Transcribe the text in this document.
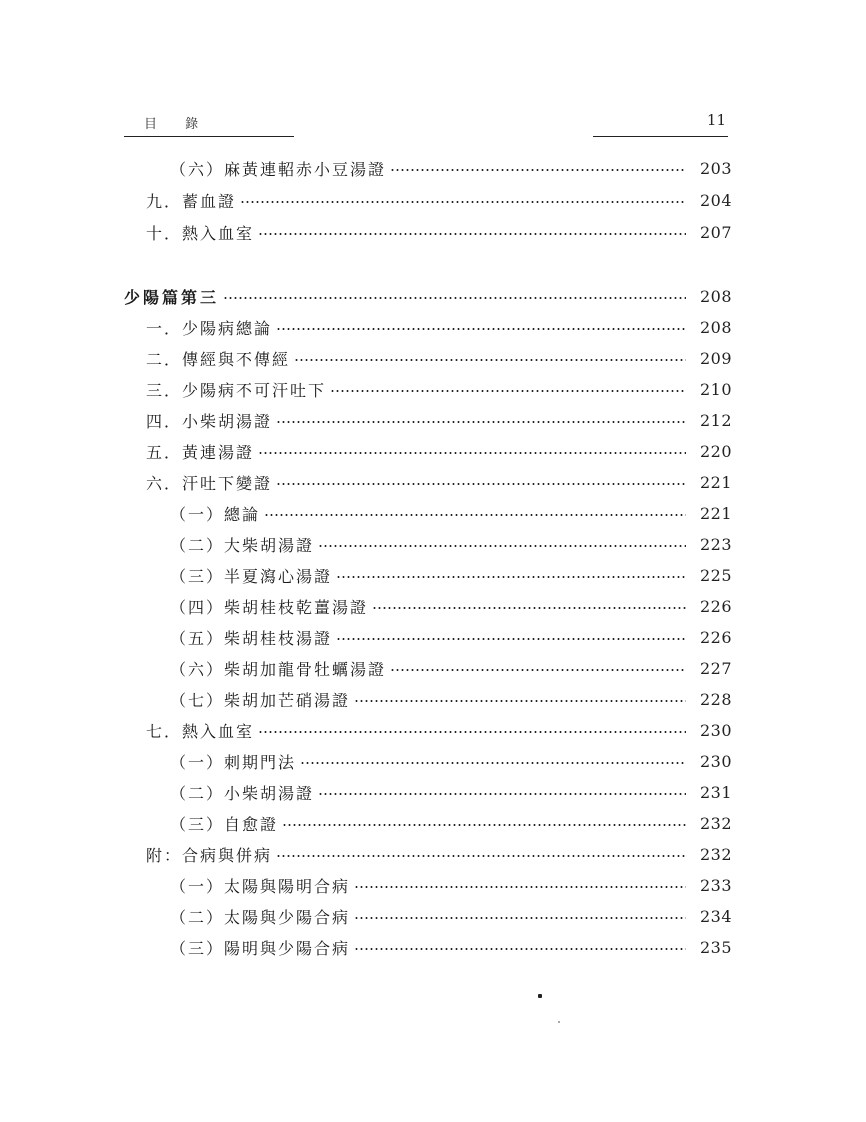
目 錄	11
（六）麻黃連軺赤小豆湯證	203
九．蓄血證	204
十．熱入血室	207
少陽篇第三	208
一．少陽病總論	208
二．傳經與不傳經	209
三．少陽病不可汗吐下	210
四．小柴胡湯證	212
五．黃連湯證	220
六．汗吐下變證	221
（一）總論	221
（二）大柴胡湯證	223
（三）半夏瀉心湯證	225
（四）柴胡桂枝乾薑湯證	226
（五）柴胡桂枝湯證	226
（六）柴胡加龍骨牡蠣湯證	227
（七）柴胡加芒硝湯證	228
七．熱入血室	230
（一）刺期門法	230
（二）小柴胡湯證	231
（三）自愈證	232
附：合病與併病	232
（一）太陽與陽明合病	233
（二）太陽與少陽合病	234
（三）陽明與少陽合病	235
